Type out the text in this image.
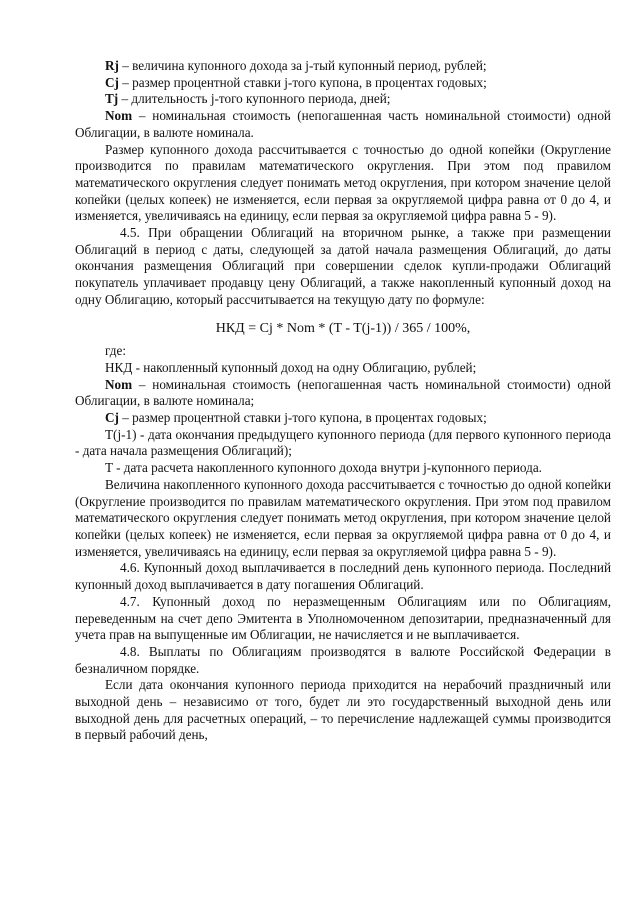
Rj – величина купонного дохода за j-тый купонный период, рублей;

Cj – размер процентной ставки j-того купона, в процентах годовых;

Tj – длительность j-того купонного периода, дней;

Nom – номинальная стоимость (непогашенная часть номинальной стоимости) одной Облигации, в валюте номинала.

Размер купонного дохода рассчитывается с точностью до одной копейки (Округление производится по правилам математического округления. При этом под правилом математического округления следует понимать метод округления, при котором значение целой копейки (целых копеек) не изменяется, если первая за округляемой цифра равна от 0 до 4, и изменяется, увеличиваясь на единицу, если первая за округляемой цифра равна 5 - 9).

4.5. При обращении Облигаций на вторичном рынке, а также при размещении Облигаций в период с даты, следующей за датой начала размещения Облигаций, до даты окончания размещения Облигаций при совершении сделок купли-продажи Облигаций покупатель уплачивает продавцу цену Облигаций, а также накопленный купонный доход на одну Облигацию, который рассчитывается на текущую дату по формуле:

НКД = Cj * Nom * (T - T(j-1)) / 365 / 100%,

где:

НКД - накопленный купонный доход на одну Облигацию, рублей;

Nom – номинальная стоимость (непогашенная часть номинальной стоимости) одной Облигации, в валюте номинала;

Cj – размер процентной ставки j-того купона, в процентах годовых;

T(j-1) - дата окончания предыдущего купонного периода (для первого купонного периода - дата начала размещения Облигаций);

T - дата расчета накопленного купонного дохода внутри j-купонного периода.

Величина накопленного купонного дохода рассчитывается с точностью до одной копейки (Округление производится по правилам математического округления. При этом под правилом математического округления следует понимать метод округления, при котором значение целой копейки (целых копеек) не изменяется, если первая за округляемой цифра равна от 0 до 4, и изменяется, увеличиваясь на единицу, если первая за округляемой цифра равна 5 - 9).

4.6. Купонный доход выплачивается в последний день купонного периода. Последний купонный доход выплачивается в дату погашения Облигаций.

4.7. Купонный доход по неразмещенным Облигациям или по Облигациям, переведенным на счет депо Эмитента в Уполномоченном депозитарии, предназначенный для учета прав на выпущенные им Облигации, не начисляется и не выплачивается.

4.8. Выплаты по Облигациям производятся в валюте Российской Федерации в безналичном порядке.

Если дата окончания купонного периода приходится на нерабочий праздничный или выходной день – независимо от того, будет ли это государственный выходной день или выходной день для расчетных операций, – то перечисление надлежащей суммы производится в первый рабочий день,
